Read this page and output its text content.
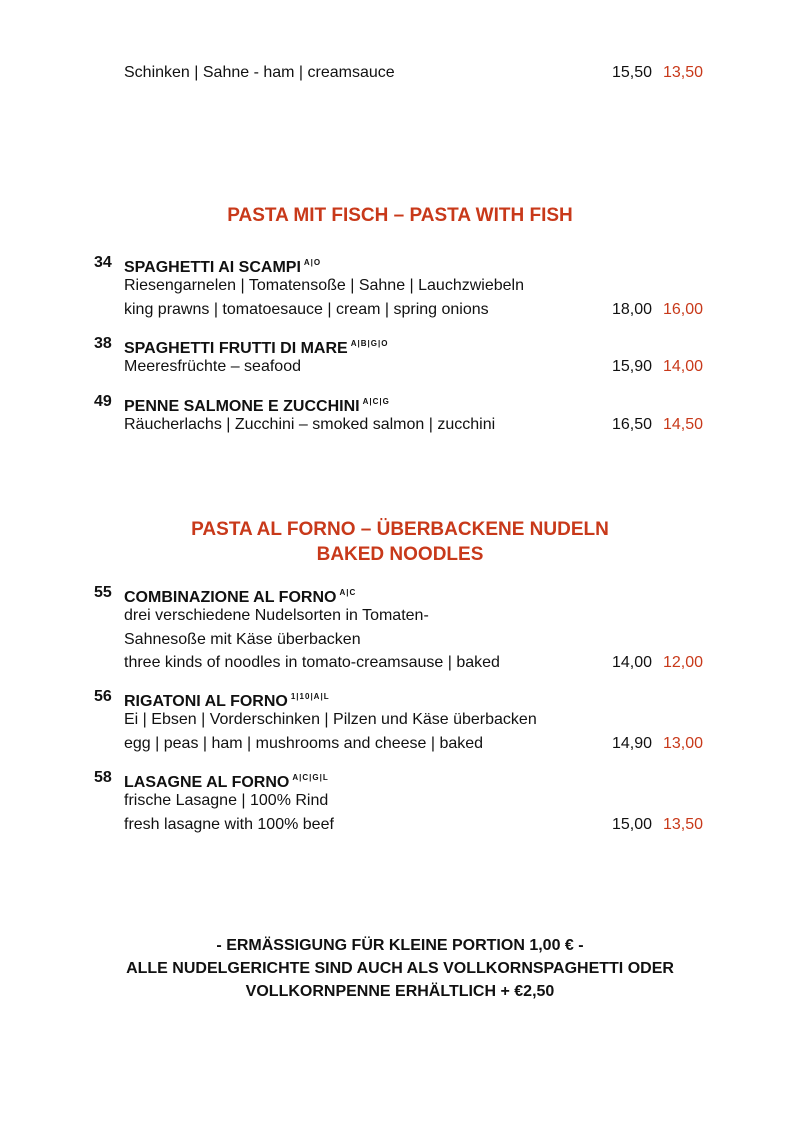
Schinken | Sahne - ham | creamsauce	15,50 13,50
PASTA MIT FISCH – PASTA WITH FISH
34 SPAGHETTI AI SCAMPI $^{A|O}$
Riesengarnelen | Tomatensoße | Sahne | Lauchzwiebeln
king prawns | tomatoesauce | cream | spring onions	18,00 16,00
38 SPAGHETTI FRUTTI DI MARE $^{A|B|G|O}$
Meeresfrüchte – seafood	15,90 14,00
49 PENNE SALMONE E ZUCCHINI $^{A|C|G}$
Räucherlachs | Zucchini – smoked salmon | zucchini	16,50 14,50
PASTA AL FORNO – ÜBERBACKENE NUDELN
BAKED NOODLES
55 COMBINAZIONE AL FORNO $^{A|C}$
drei verschiedene Nudelsorten in Tomaten-
Sahnesoße mit Käse überbacken
three kinds of noodles in tomato-creamsause | baked	14,00 12,00
56 RIGATONI AL FORNO $^{1|10|A|L}$
Ei | Ebsen | Vorderschinken | Pilzen und Käse überbacken
egg | peas | ham | mushrooms and cheese | baked	14,90 13,00
58 LASAGNE AL FORNO $^{A|C|G|L}$
frische Lasagne | 100% Rind
fresh lasagne with 100% beef	15,00 13,50
- ERMÄSSIGUNG FÜR KLEINE PORTION 1,00 € -
ALLE NUDELGERICHTE SIND AUCH ALS VOLLKORNSPAGHETTI ODER
VOLLKORNPENNE ERHÄLTLICH + €2,50
